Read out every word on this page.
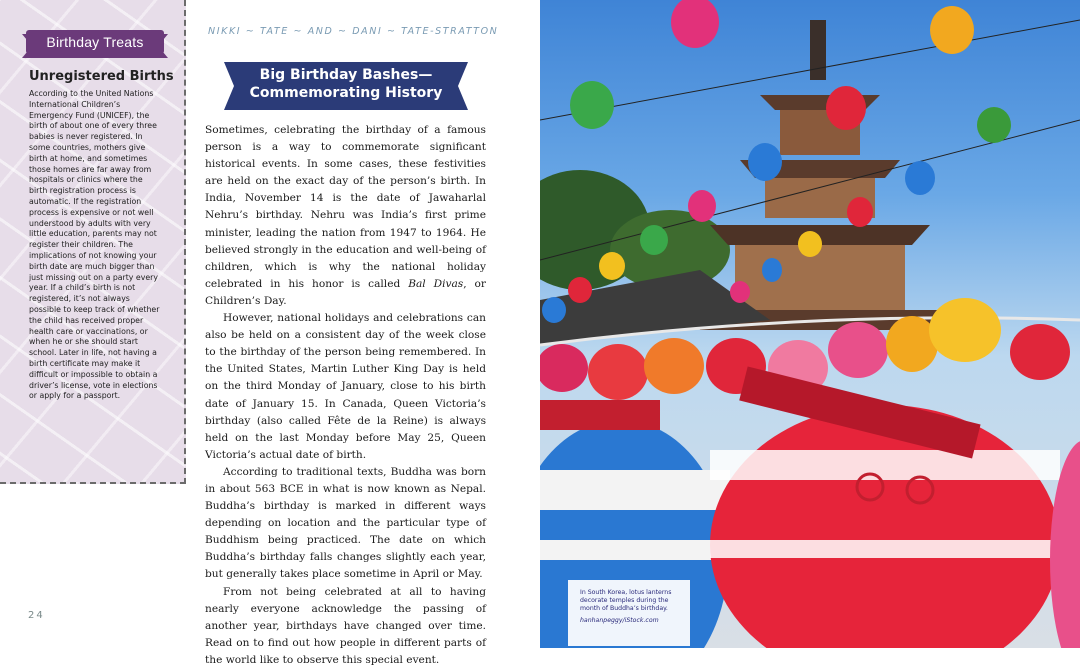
Birthday Treats
Unregistered Births

According to the United Nations International Children’s Emergency Fund (UNICEF), the birth of about one of every three babies is never registered. In some countries, mothers give birth at home, and sometimes those homes are far away from hospitals or clinics where the birth registration process is automatic. If the registration process is expensive or not well understood by adults with very little education, parents may not register their children. The implications of not knowing your birth date are much bigger than just missing out on a party every year. If a child’s birth is not registered, it’s not always possible to keep track of whether the child has received proper health care or vaccinations, or when he or she should start school. Later in life, not having a birth certificate may make it difficult or impossible to obtain a driver’s license, vote in elections or apply for a passport.

NIKKI ~ TATE ~ AND ~ DANI ~ TATE-STRATTON
Big Birthday Bashes—
Commemorating History

Sometimes, celebrating the birthday of a famous person is a way to commemorate significant historical events. In some cases, these festivities are held on the exact day of the person’s birth. In India, November 14 is the date of Jawaharlal Nehru’s birthday. Nehru was India’s first prime minister, leading the nation from 1947 to 1964. He believed strongly in the education and well-being of children, which is why the national holiday celebrated in his honor is called Bal Divas, or Children’s Day.

However, national holidays and celebrations can also be held on a consistent day of the week close to the birthday of the person being remembered. In the United States, Martin Luther King Day is held on the third Monday of January, close to his birth date of January 15. In Canada, Queen Victoria’s birthday (also called Fête de la Reine) is always held on the last Monday before May 25, Queen Victoria’s actual date of birth.

According to traditional texts, Buddha was born in about 563 BCE in what is now known as Nepal. Buddha’s birthday is marked in different ways depending on location and the particular type of Buddhism being practiced. The date on which Buddha’s birthday falls changes slightly each year, but generally takes place sometime in April or May.

From not being celebrated at all to having nearly everyone acknowledge the passing of another year, birthdays have changed over time. Read on to find out how people in different parts of the world like to observe this special event.

24
In South Korea, lotus lanterns decorate temples during the month of Buddha’s birthday.
hanhanpeggy/iStock.com
